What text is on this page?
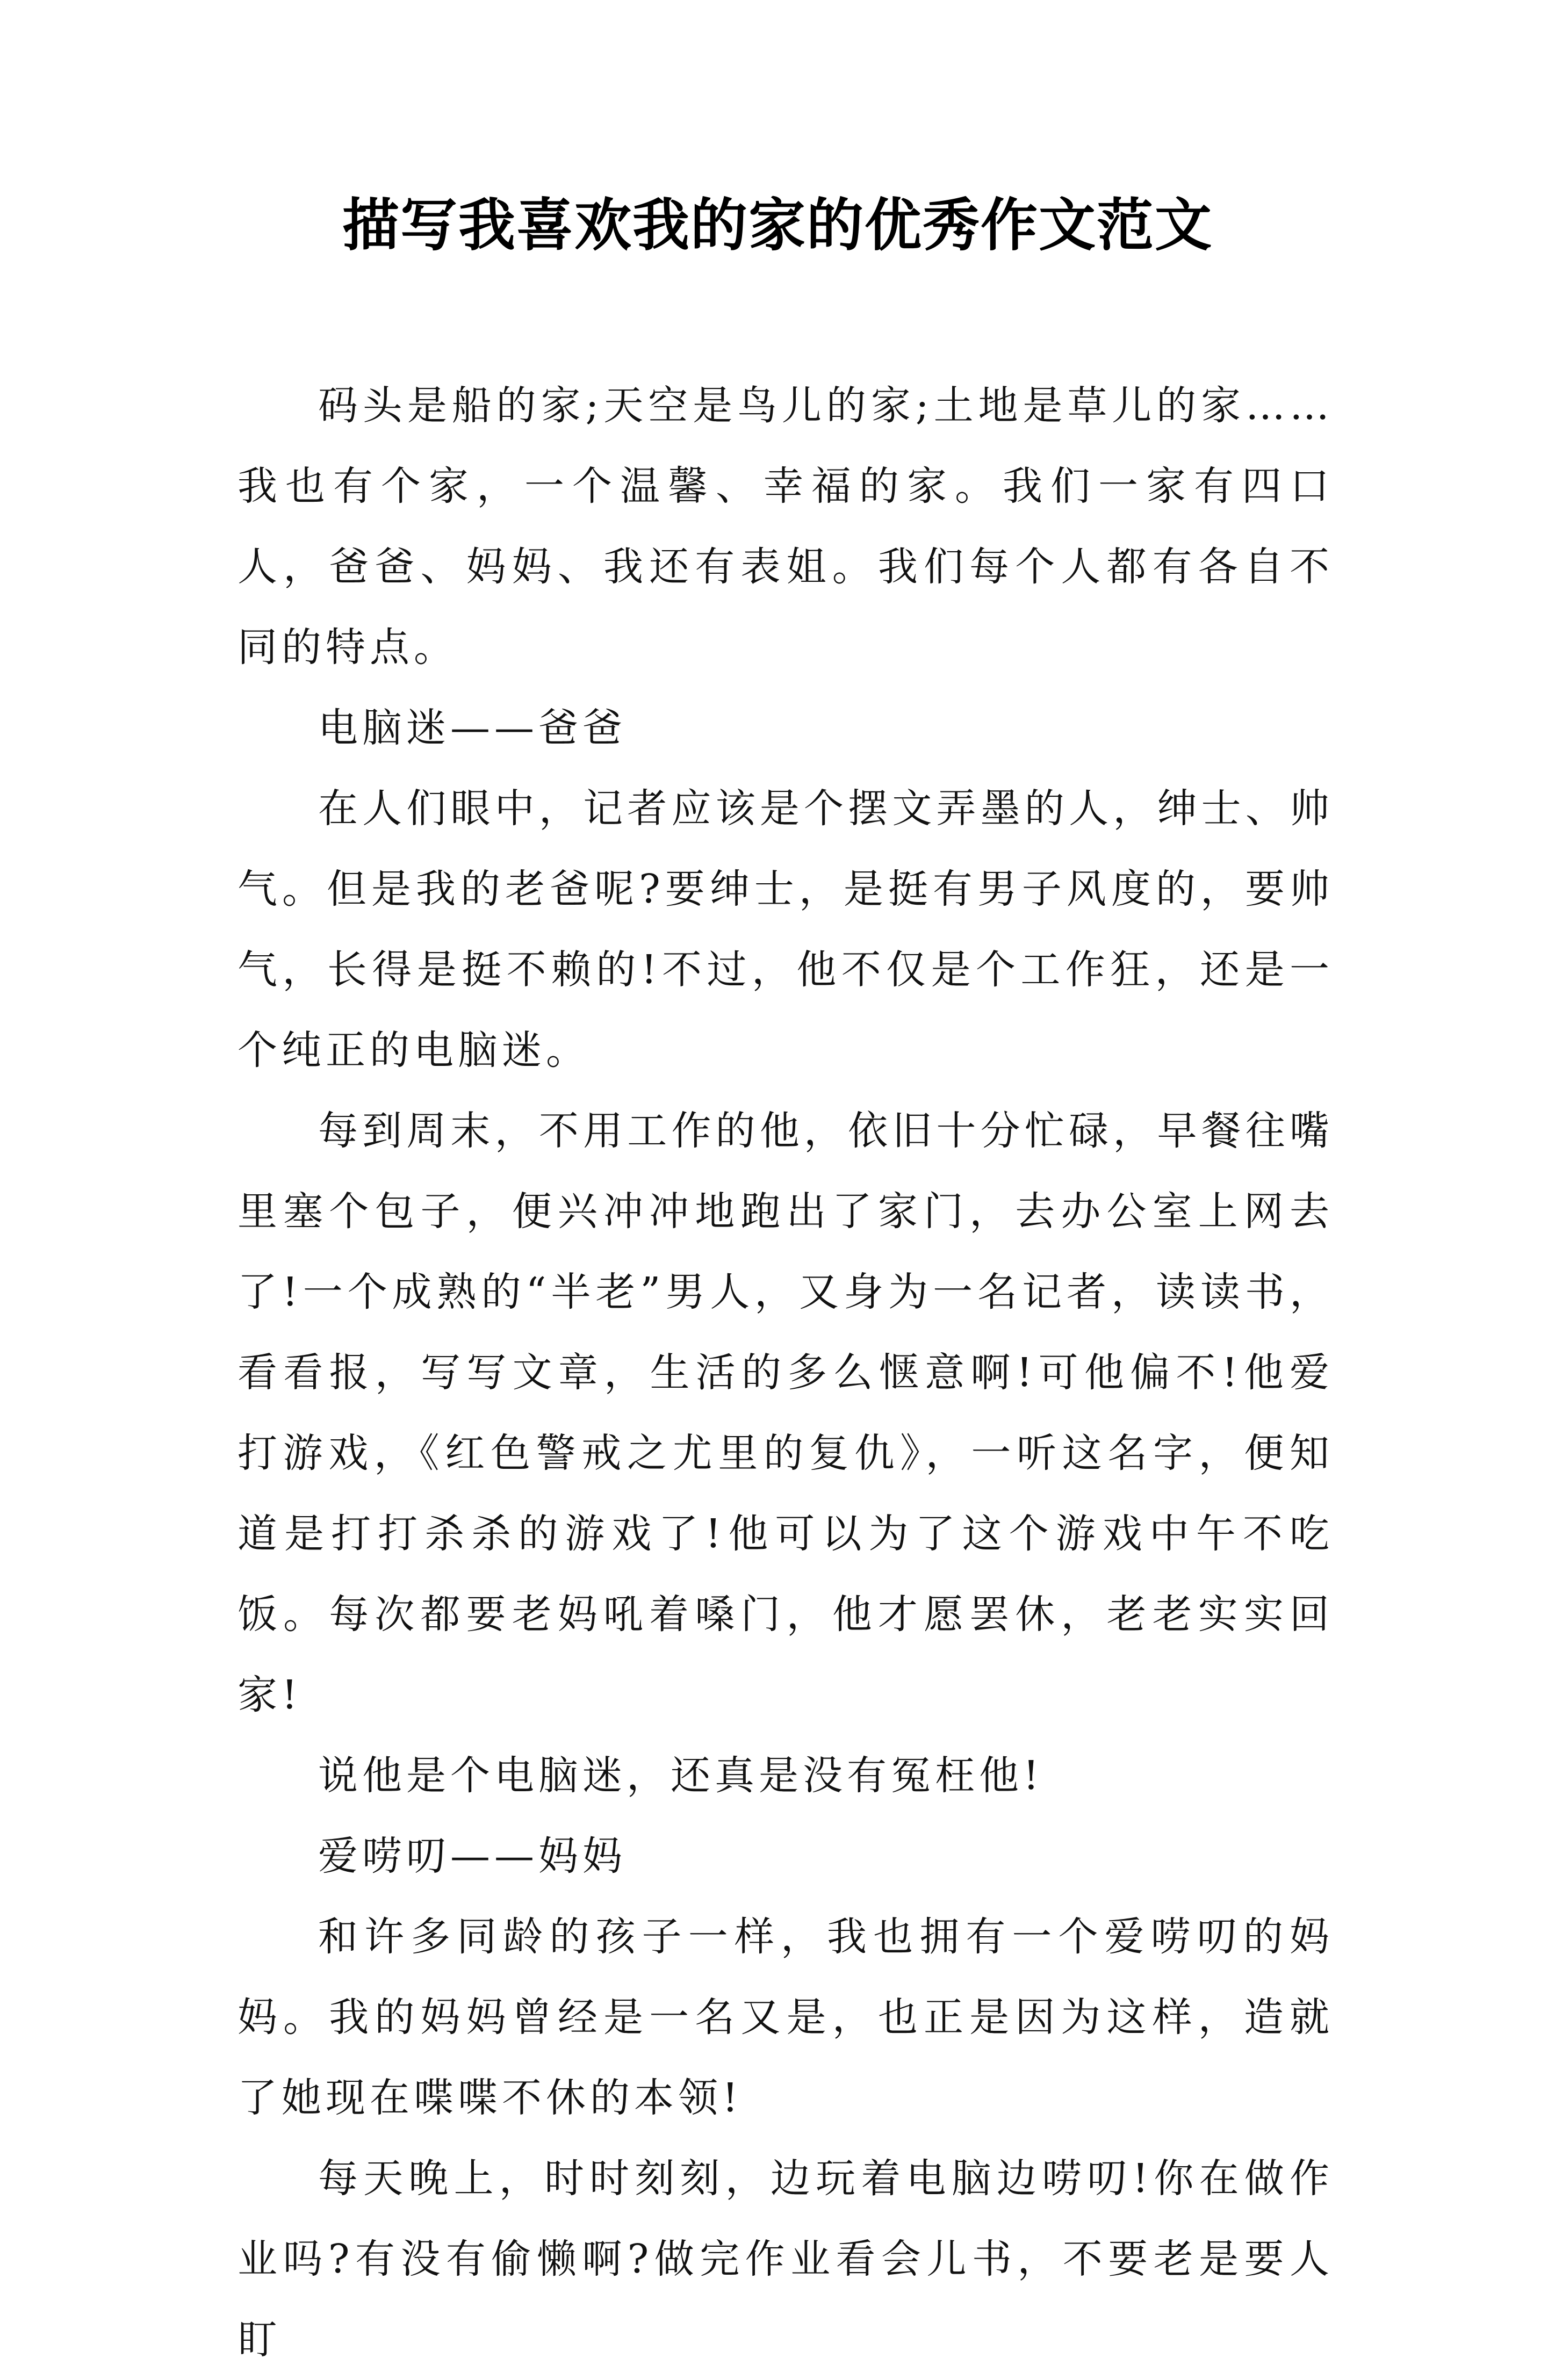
描写我喜欢我的家的优秀作文范文

码头是船的家;天空是鸟儿的家;土地是草儿的家……我也有个家，一个温馨、幸福的家。我们一家有四口人，爸爸、妈妈、我还有表姐。我们每个人都有各自不同的特点。

电脑迷——爸爸

在人们眼中，记者应该是个摆文弄墨的人，绅士、帅气。但是我的老爸呢?要绅士，是挺有男子风度的，要帅气，长得是挺不赖的!不过，他不仅是个工作狂，还是一个纯正的电脑迷。

每到周末，不用工作的他，依旧十分忙碌，早餐往嘴里塞个包子，便兴冲冲地跑出了家门，去办公室上网去了!一个成熟的“半老”男人，又身为一名记者，读读书，看看报，写写文章，生活的多么惬意啊!可他偏不!他爱打游戏，《红色警戒之尤里的复仇》，一听这名字，便知道是打打杀杀的游戏了!他可以为了这个游戏中午不吃饭。每次都要老妈吼着嗓门，他才愿罢休，老老实实回家!

说他是个电脑迷，还真是没有冤枉他!

爱唠叨——妈妈

和许多同龄的孩子一样，我也拥有一个爱唠叨的妈妈。我的妈妈曾经是一名又是，也正是因为这样，造就了她现在喋喋不休的本领!

每天晚上，时时刻刻，边玩着电脑边唠叨!你在做作业吗?有没有偷懒啊?做完作业看会儿书，不要老是要人盯
